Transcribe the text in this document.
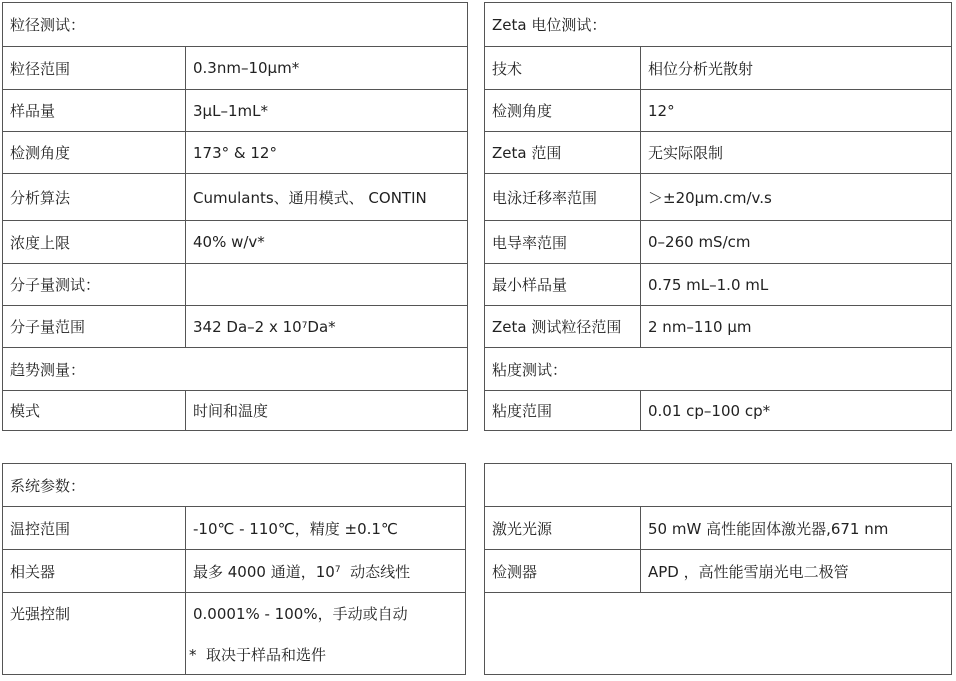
粒径测试：
粒径范围	0.3nm–10μm*
样品量	3μL–1mL*
检测角度	173° & 12°
分析算法	Cumulants、通用模式、 CONTIN
浓度上限	40% w/v*
分子量测试：
分子量范围	342 Da–2 x $10^7$ Da*
趋势测量：
模式	时间和温度
Zeta 电位测试：
技术	相位分析光散射
检测角度	12°
Zeta 范围	无实际限制
电泳迁移率范围	＞±20μm.cm/v.s
电导率范围	0–260 mS/cm
最小样品量	0.75 mL–1.0 mL
Zeta 测试粒径范围	2 nm–110 μm
粘度测试：
粘度范围	0.01 cp–100 cp*
系统参数：
温控范围	-10℃ - 110℃，精度 ±0.1℃
相关器	最多 4000 通道，$10^7$ 动态线性
光强控制	0.0001% - 100%，手动或自动
*  取决于样品和选件
激光光源	50 mW 高性能固体激光器,671 nm
检测器	APD ，高性能雪崩光电二极管
